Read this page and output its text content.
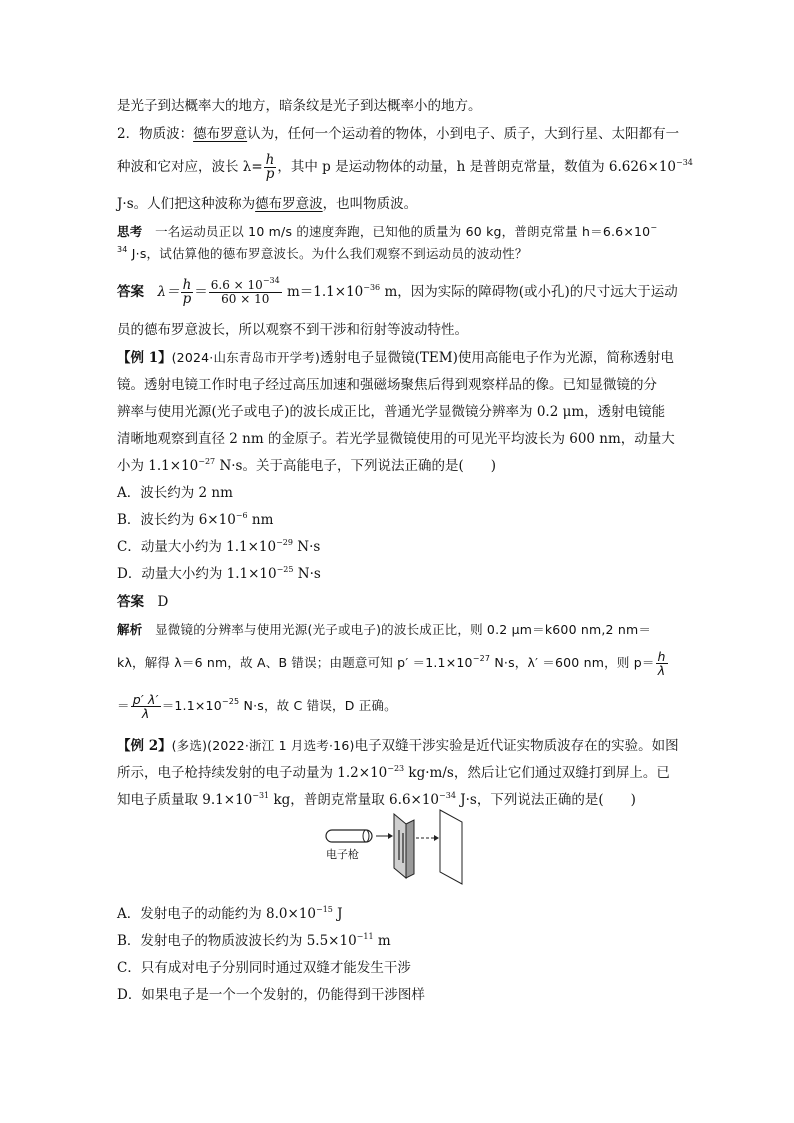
是光子到达概率大的地方，暗条纹是光子到达概率小的地方。
2．物质波：德布罗意认为，任何一个运动着的物体，小到电子、质子，大到行星、太阳都有一
种波和它对应，波长 $\lambda= \frac{h}{p}$ ，其中 p 是运动物体的动量，h 是普朗克常量，数值为 $6.626\times 10^{-34}$
J·s。人们把这种波称为德布罗意波，也叫物质波。
思考　 一名运动员正以 10 m/s 的速度奔跑，已知他的质量为 60 kg，普朗克常量 h＝6.6×10−
$^{34}$ J·s，试估算他的德布罗意波长。为什么我们观察不到运动员的波动性？
答案　 $\lambda= \frac{h}{p} = \frac{6.6 \times 10^{-34}}{60 \times 10} m=1.1\times 10^{-36}$ m，因为实际的障碍物(或小孔)的尺寸远大于运动
员的德布罗意波长，所以观察不到干涉和衍射等波动特性。
【例 1】(2024·山东青岛市开学考)透射电子显微镜(TEM)使用高能电子作为光源，简称透射电
镜。透射电镜工作时电子经过高压加速和强磁场聚焦后得到观察样品的像。已知显微镜的分
辨率与使用光源(光子或电子)的波长成正比，普通光学显微镜分辨率为 0.2 μm，透射电镜能
清晰地观察到直径 2 nm 的金原子。若光学显微镜使用的可见光平均波长为 600 nm，动量大
小为 $1.1\times 10^{-27}$ N·s。关于高能电子，下列说法正确的是(　　)
A．波长约为 2 nm
B．波长约为 $6\times 10^{-6}$ nm
C．动量大小约为 $1.1\times 10^{-29}$ N·s
D．动量大小约为 $1.1\times 10^{-25}$ N·s
答案　 D
解析　 显微镜的分辨率与使用光源(光子或电子)的波长成正比，则 0.2 μm＝k600 nm,2 nm＝
kλ，解得 λ＝6 nm，故 A、B 错误；由题意可知 $p' =1.1\times 10^{-27}$ N·s，λ′ ＝600 nm，则 $p= \frac{h}{\lambda}$
＝ $\frac{p' \lambda'}{\lambda} =1.1\times 10^{-25}$ N·s，故 C 错误，D 正确。
【例 2】(多选)(2022·浙江 1 月选考·16)电子双缝干涉实验是近代证实物质波存在的实验。如图
所示，电子枪持续发射的电子动量为 $1.2\times 10^{-23}$ kg·m/s，然后让它们通过双缝打到屏上。已
知电子质量取 $9.1\times 10^{-31}$ kg，普朗克常量取 $6.6\times 10^{-34}$ J·s，下列说法正确的是(　　)
电子枪
A．发射电子的动能约为 $8.0\times 10^{-15}$ J
B．发射电子的物质波波长约为 $5.5\times 10^{-11}$ m
C．只有成对电子分别同时通过双缝才能发生干涉
D．如果电子是一个一个发射的，仍能得到干涉图样
